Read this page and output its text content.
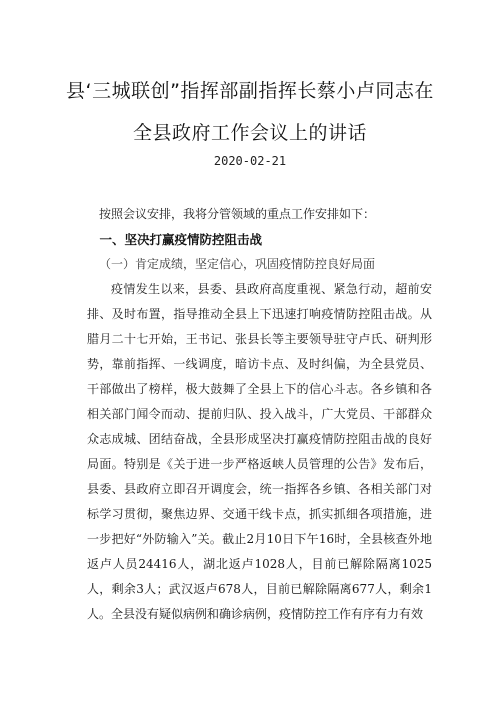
县‘三城联创”指挥部副指挥长蔡小卢同志在
全县政府工作会议上的讲话
2020-02-21

按照会议安排，我将分管领域的重点工作安排如下：

一、坚决打赢疫情防控阻击战

（一）肯定成绩，坚定信心，巩固疫情防控良好局面

疫情发生以来，县委、县政府高度重视、紧急行动，超前安排、及时布置，指导推动全县上下迅速打响疫情防控阻击战。从腊月二十七开始，王书记、张县长等主要领导驻守卢氏、研判形势，靠前指挥、一线调度，暗访卡点、及时纠偏，为全县党员、干部做出了榜样，极大鼓舞了全县上下的信心斗志。各乡镇和各相关部门闻令而动、提前归队、投入战斗，广大党员、干部群众众志成城、团结奋战，全县形成坚决打赢疫情防控阻击战的良好局面。特别是《关于进一步严格返峡人员管理的公告》发布后，县委、县政府立即召开调度会，统一指挥各乡镇、各相关部门对标学习贯彻，聚焦边界、交通干线卡点，抓实抓细各项措施，进一步把好“外防输入”关。截止2月10日下午16时，全县核查外地返卢人员24416人，湖北返卢1028人，目前已解除隔离1025人，剩余3人；武汉返卢678人，目前已解除隔离677人，剩余1人。全县没有疑似病例和确诊病例，疫情防控工作有序有力有效
